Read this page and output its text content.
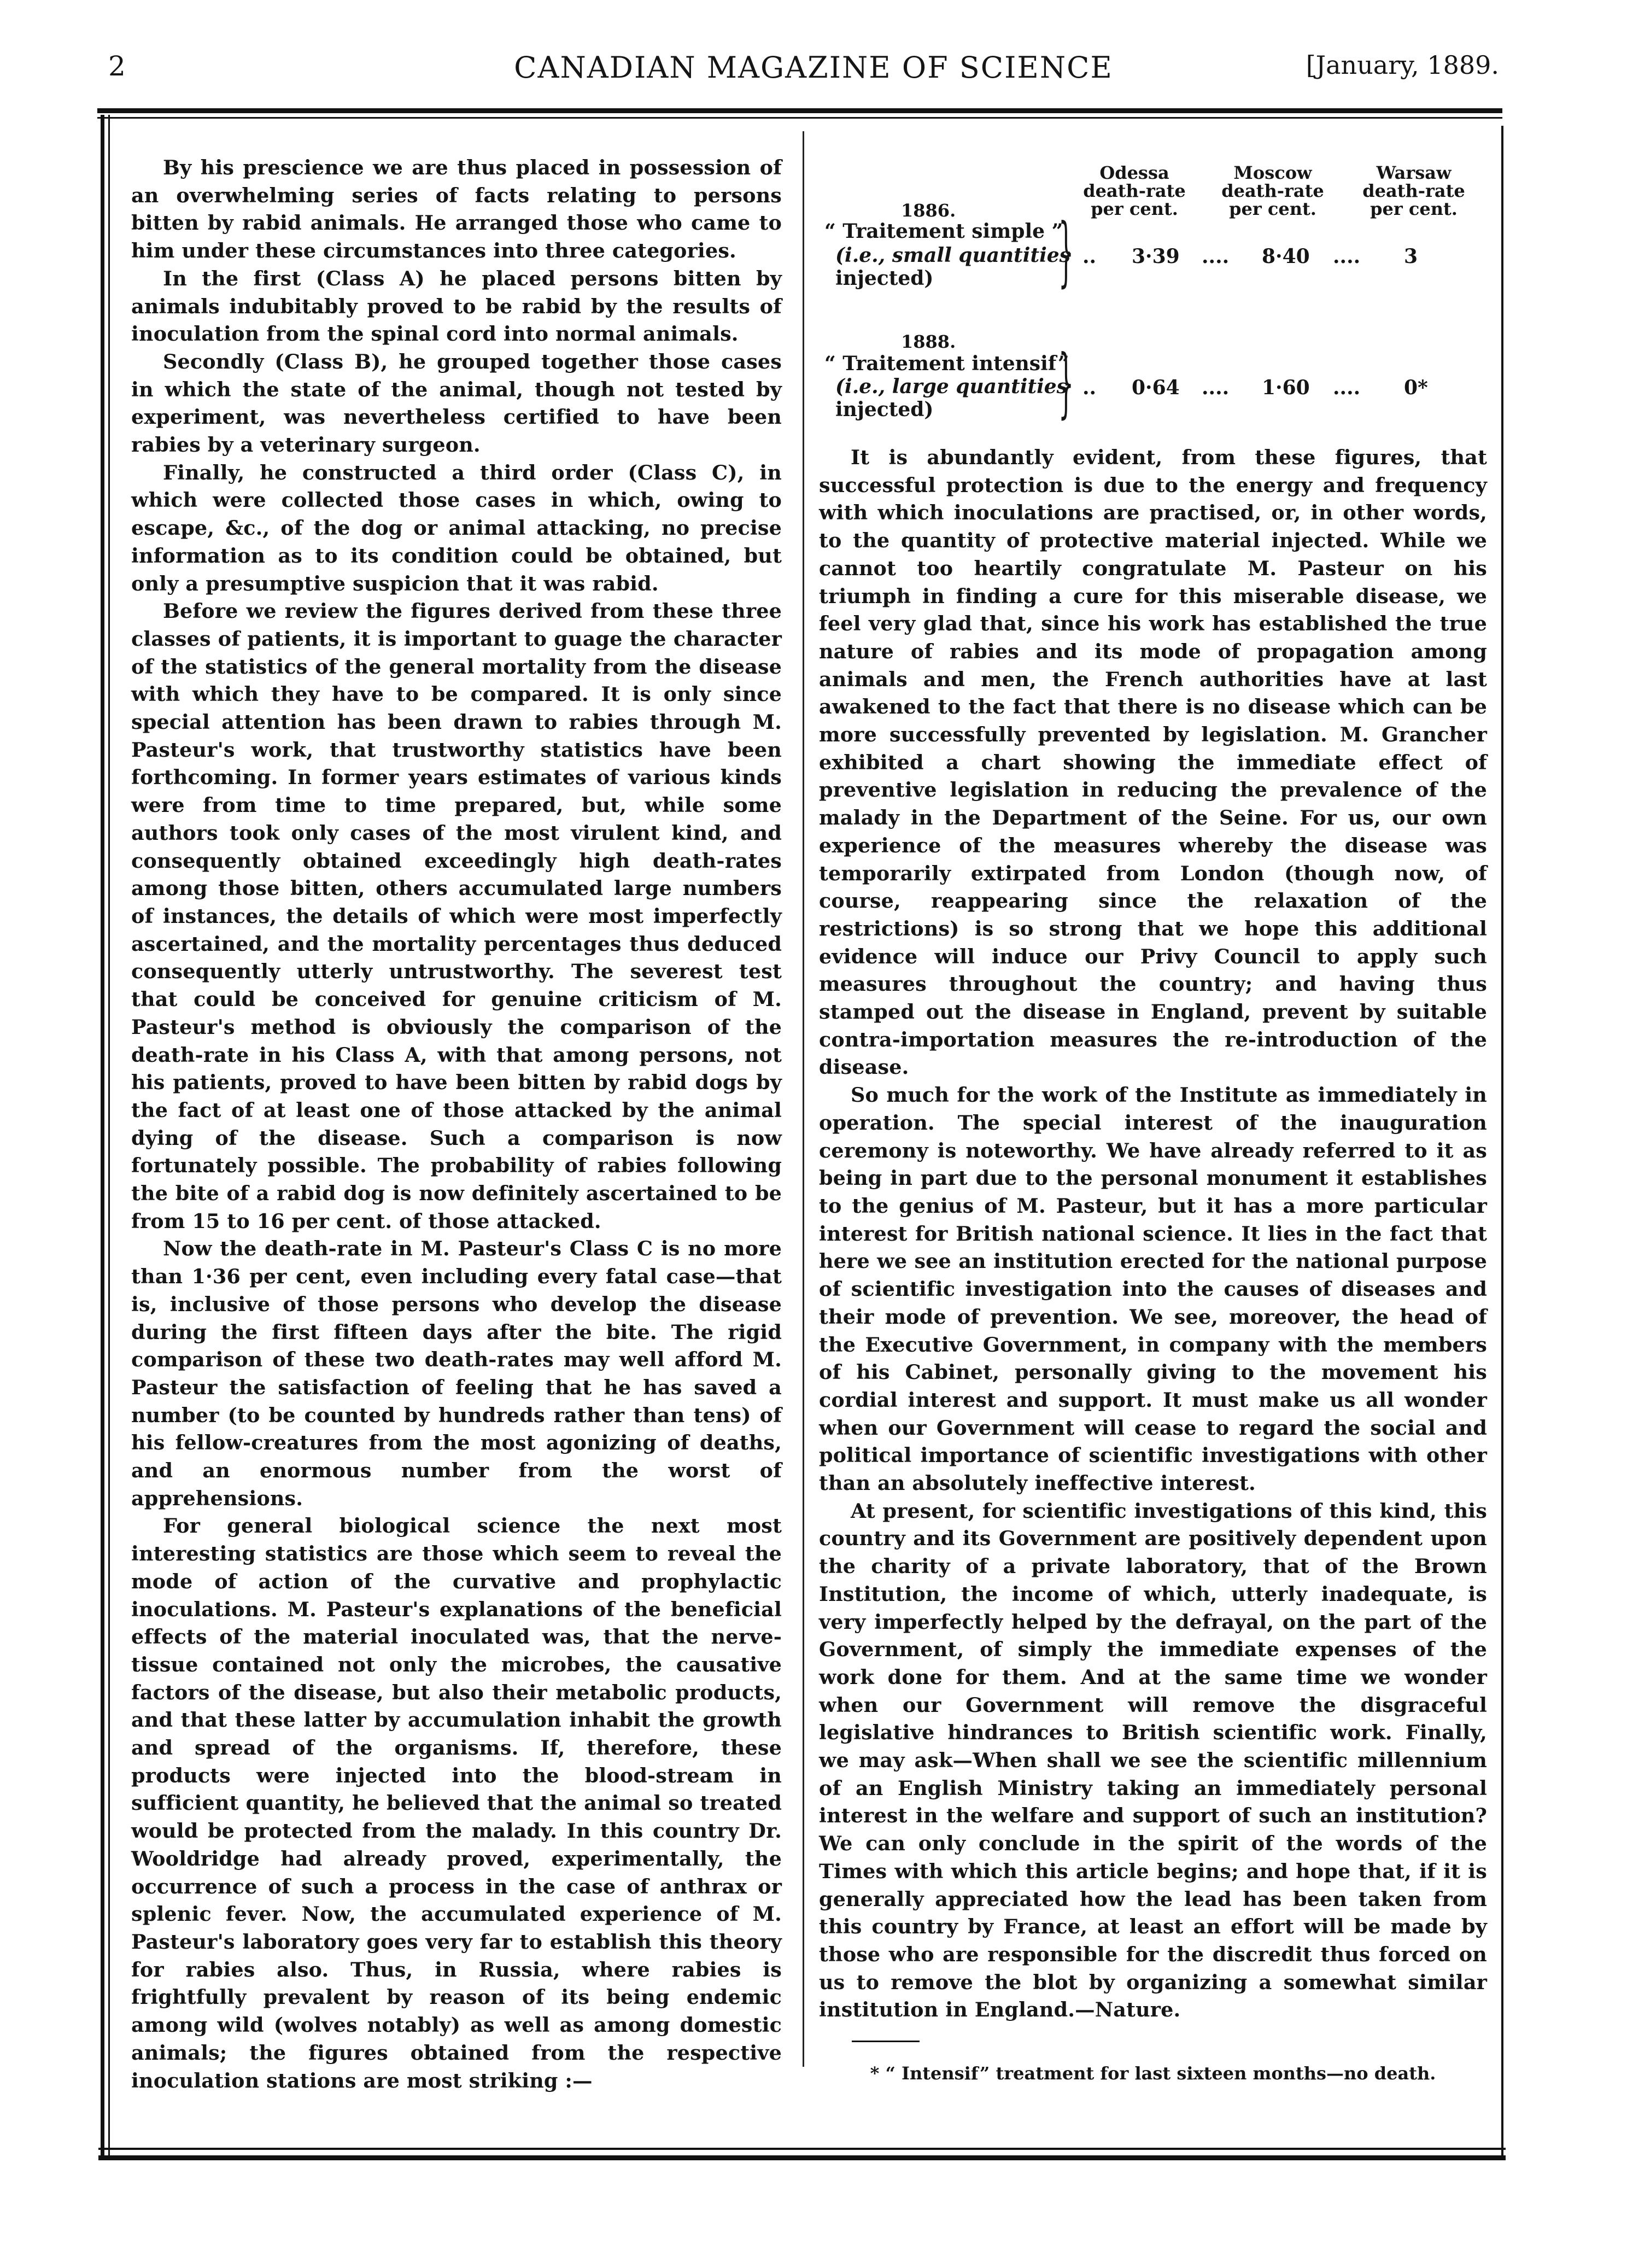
2	CANADIAN MAGAZINE OF SCIENCE	[January, 1889.

By his prescience we are thus placed in possession of an overwhelming series of facts relating to persons bitten by rabid animals. He arranged those who came to him under these circumstances into three categories.

In the first (Class A) he placed persons bitten by animals indubitably proved to be rabid by the results of inoculation from the spinal cord into normal animals.

Secondly (Class B), he grouped together those cases in which the state of the animal, though not tested by experiment, was nevertheless certified to have been rabies by a veterinary surgeon.

Finally, he constructed a third order (Class C), in which were collected those cases in which, owing to escape, &c., of the dog or animal attacking, no precise information as to its condition could be obtained, but only a presumptive suspicion that it was rabid.

Before we review the figures derived from these three classes of patients, it is important to guage the character of the statistics of the general mortality from the disease with which they have to be compared. It is only since special attention has been drawn to rabies through M. Pasteur's work, that trustworthy statistics have been forthcoming. In former years estimates of various kinds were from time to time prepared, but, while some authors took only cases of the most virulent kind, and consequently obtained exceedingly high death-rates among those bitten, others accumulated large numbers of instances, the details of which were most imperfectly ascertained, and the mortality percentages thus deduced consequently utterly untrustworthy. The severest test that could be conceived for genuine criticism of M. Pasteur's method is obviously the comparison of the death-rate in his Class A, with that among persons, not his patients, proved to have been bitten by rabid dogs by the fact of at least one of those attacked by the animal dying of the disease. Such a comparison is now fortunately possible. The probability of rabies following the bite of a rabid dog is now definitely ascertained to be from 15 to 16 per cent. of those attacked.

Now the death-rate in M. Pasteur's Class C is no more than 1·36 per cent, even including every fatal case—that is, inclusive of those persons who develop the disease during the first fifteen days after the bite. The rigid comparison of these two death-rates may well afford M. Pasteur the satisfaction of feeling that he has saved a number (to be counted by hundreds rather than tens) of his fellow-creatures from the most agonizing of deaths, and an enormous number from the worst of apprehensions.

For general biological science the next most interesting statistics are those which seem to reveal the mode of action of the curvative and prophylactic inoculations. M. Pasteur's explanations of the beneficial effects of the material inoculated was, that the nerve-tissue contained not only the microbes, the causative factors of the disease, but also their metabolic products, and that these latter by accumulation inhabit the growth and spread of the organisms. If, therefore, these products were injected into the blood-stream in sufficient quantity, he believed that the animal so treated would be protected from the malady. In this country Dr. Wooldridge had already proved, experimentally, the occurrence of such a process in the case of anthrax or splenic fever. Now, the accumulated experience of M. Pasteur's laboratory goes very far to establish this theory for rabies also. Thus, in Russia, where rabies is frightfully prevalent by reason of its being endemic among wild (wolves notably) as well as among domestic animals; the figures obtained from the respective inoculation stations are most striking :—

Odessa
death-rate
per cent.
Moscow
death-rate
per cent.
Warsaw
death-rate
per cent.
1886.
“ Traitement simple ”
(i.e., small quantities
injected) } .. 3·39 .... 8·40 .... 3
1888.
“ Traitement intensif”
(i.e., large quantities
injected) } .. 0·64 .... 1·60 .... 0*

It is abundantly evident, from these figures, that successful protection is due to the energy and frequency with which inoculations are practised, or, in other words, to the quantity of protective material injected. While we cannot too heartily congratulate M. Pasteur on his triumph in finding a cure for this miserable disease, we feel very glad that, since his work has established the true nature of rabies and its mode of propagation among animals and men, the French authorities have at last awakened to the fact that there is no disease which can be more successfully prevented by legislation. M. Grancher exhibited a chart showing the immediate effect of preventive legislation in reducing the prevalence of the malady in the Department of the Seine. For us, our own experience of the measures whereby the disease was temporarily extirpated from London (though now, of course, reappearing since the relaxation of the restrictions) is so strong that we hope this additional evidence will induce our Privy Council to apply such measures throughout the country; and having thus stamped out the disease in England, prevent by suitable contra-importation measures the re-introduction of the disease.

So much for the work of the Institute as immediately in operation. The special interest of the inauguration ceremony is noteworthy. We have already referred to it as being in part due to the personal monument it establishes to the genius of M. Pasteur, but it has a more particular interest for British national science. It lies in the fact that here we see an institution erected for the national purpose of scientific investigation into the causes of diseases and their mode of prevention. We see, moreover, the head of the Executive Government, in company with the members of his Cabinet, personally giving to the movement his cordial interest and support. It must make us all wonder when our Government will cease to regard the social and political importance of scientific investigations with other than an absolutely ineffective interest.

At present, for scientific investigations of this kind, this country and its Government are positively dependent upon the charity of a private laboratory, that of the Brown Institution, the income of which, utterly inadequate, is very imperfectly helped by the defrayal, on the part of the Government, of simply the immediate expenses of the work done for them. And at the same time we wonder when our Government will remove the disgraceful legislative hindrances to British scientific work. Finally, we may ask—When shall we see the scientific millennium of an English Ministry taking an immediately personal interest in the welfare and support of such an institution? We can only conclude in the spirit of the words of the Times with which this article begins; and hope that, if it is generally appreciated how the lead has been taken from this country by France, at least an effort will be made by those who are responsible for the discredit thus forced on us to remove the blot by organizing a somewhat similar institution in England.—Nature.

* “ Intensif” treatment for last sixteen months—no death.
